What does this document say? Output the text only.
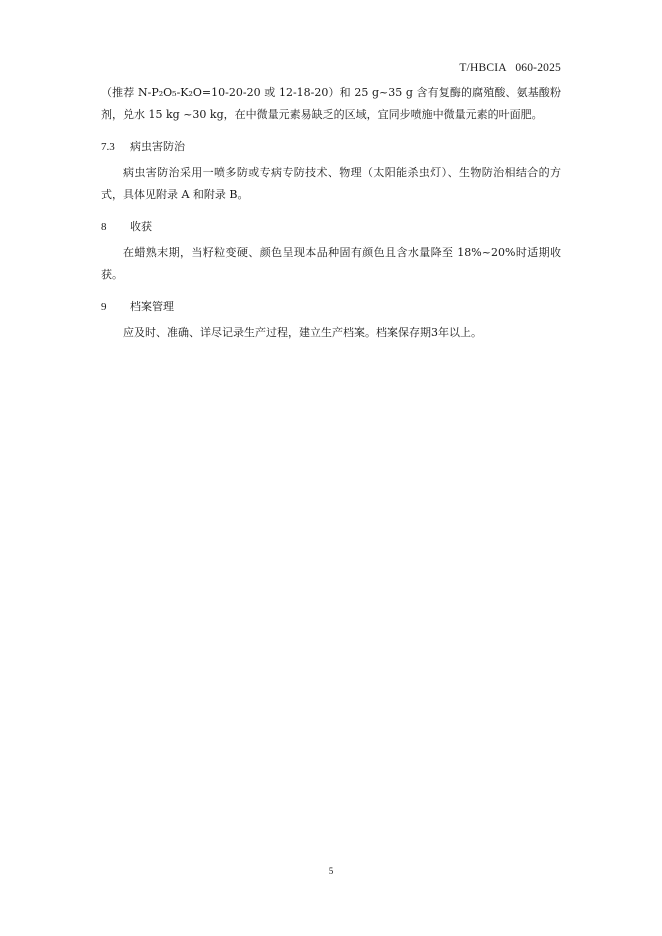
T/HBCIA   060-2025

（推荐 N-P₂O₅-K₂O=10-20-20 或 12-18-20）和 25 g~35 g 含有复酶的腐殖酸、氨基酸粉剂，兑水 15 kg ~30 kg，在中微量元素易缺乏的区域，宜同步喷施中微量元素的叶面肥。

7.3 病虫害防治

病虫害防治采用一喷多防或专病专防技术、物理（太阳能杀虫灯）、生物防治相结合的方式，具体见附录 A 和附录 B。

8 收获

在蜡熟末期，当籽粒变硬、颜色呈现本品种固有颜色且含水量降至 18%~20%时适期收获。

9 档案管理

应及时、准确、详尽记录生产过程，建立生产档案。档案保存期3年以上。

5
